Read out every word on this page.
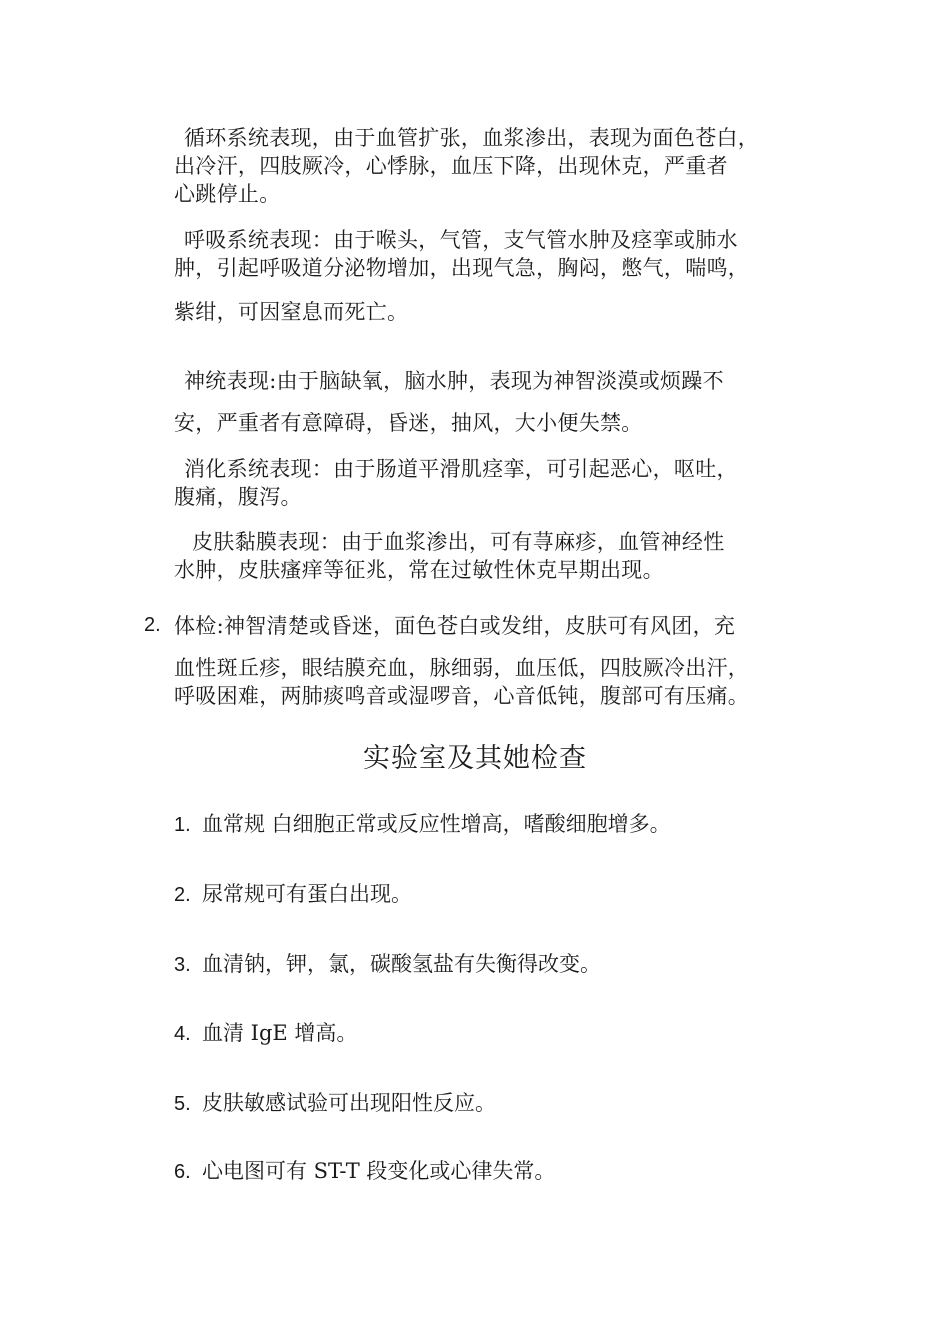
循环系统表现，由于血管扩张，血浆渗出，表现为面色苍白，
出冷汗，四肢厥冷，心悸脉，血压下降，出现休克，严重者
心跳停止。
呼吸系统表现：由于喉头，气管，支气管水肿及痉挛或肺水
肿，引起呼吸道分泌物增加，出现气急，胸闷，憋气，喘鸣，
紫绀，可因窒息而死亡。
神统表现:由于脑缺氧，脑水肿，表现为神智淡漠或烦躁不
安，严重者有意障碍，昏迷，抽风，大小便失禁。
消化系统表现：由于肠道平滑肌痉挛，可引起恶心，呕吐，
腹痛，腹泻。
皮肤黏膜表现：由于血浆渗出，可有荨麻疹，血管神经性
水肿，皮肤瘙痒等征兆，常在过敏性休克早期出现。
2. 体检:神智清楚或昏迷，面色苍白或发绀，皮肤可有风团，充
血性斑丘疹，眼结膜充血，脉细弱，血压低，四肢厥冷出汗，
呼吸困难，两肺痰鸣音或湿啰音，心音低钝，腹部可有压痛。
实验室及其她检查
1. 血常规 白细胞正常或反应性增高，嗜酸细胞增多。
2. 尿常规可有蛋白出现。
3. 血清钠，钾，氯，碳酸氢盐有失衡得改变。
4. 血清 IgE 增高。
5. 皮肤敏感试验可出现阳性反应。
6. 心电图可有 ST-T 段变化或心律失常。
